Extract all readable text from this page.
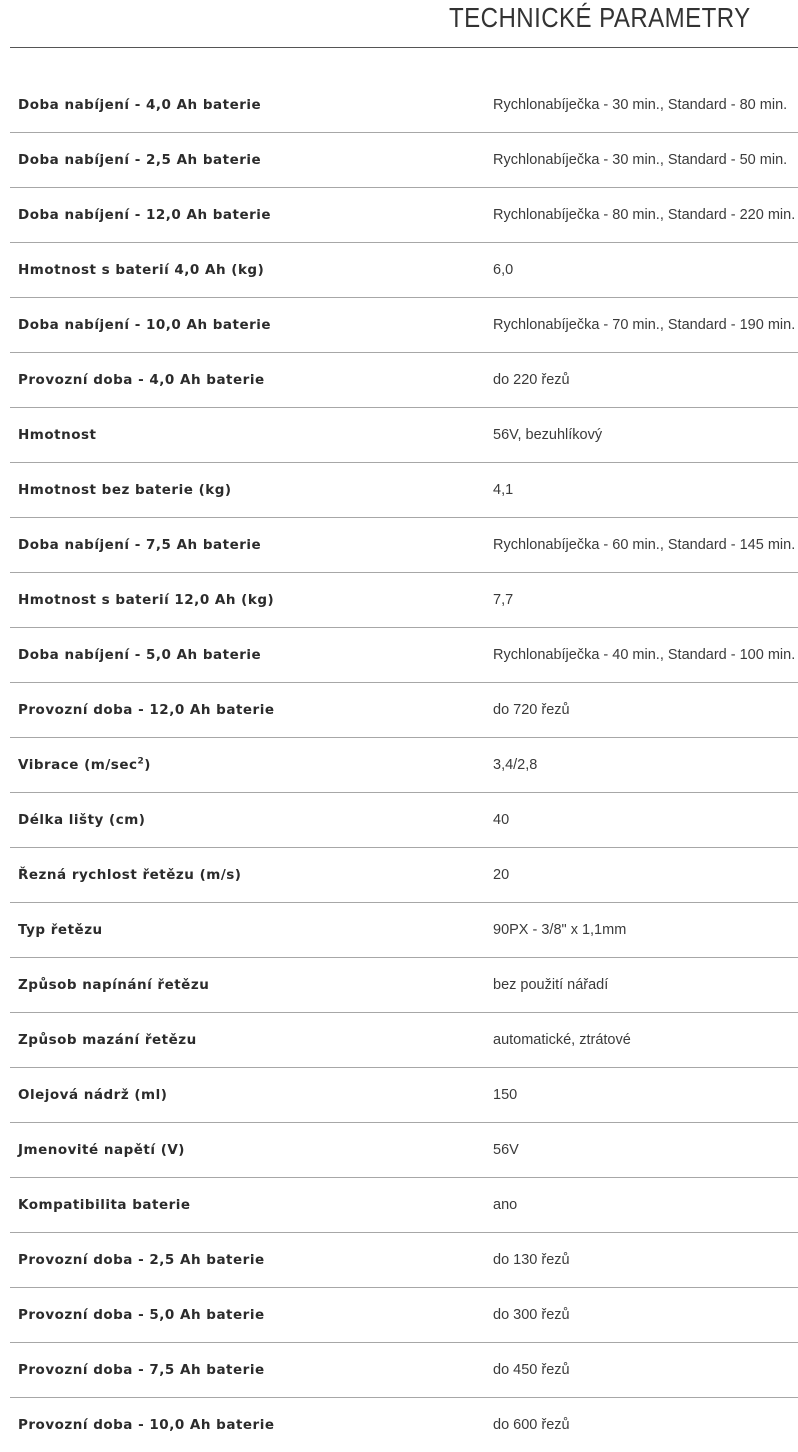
TECHNICKÉ PARAMETRY
Doba nabíjení - 4,0 Ah baterie	Rychlonabíječka - 30 min., Standard - 80 min.
Doba nabíjení - 2,5 Ah baterie	Rychlonabíječka - 30 min., Standard - 50 min.
Doba nabíjení - 12,0 Ah baterie	Rychlonabíječka - 80 min., Standard - 220 min.
Hmotnost s baterií 4,0 Ah (kg)	6,0
Doba nabíjení - 10,0 Ah baterie	Rychlonabíječka - 70 min., Standard - 190 min.
Provozní doba - 4,0 Ah baterie	do 220 řezů
Hmotnost	56V, bezuhlíkový
Hmotnost bez baterie (kg)	4,1
Doba nabíjení - 7,5 Ah baterie	Rychlonabíječka - 60 min., Standard - 145 min.
Hmotnost s baterií 12,0 Ah (kg)	7,7
Doba nabíjení - 5,0 Ah baterie	Rychlonabíječka - 40 min., Standard - 100 min.
Provozní doba - 12,0 Ah baterie	do 720 řezů
Vibrace $(m/\sec^2)$	3,4/2,8
Délka lišty (cm)	40
Řezná rychlost řetězu (m/s)	20
Typ řetězu	90PX - 3/8" x 1,1mm
Způsob napínání řetězu	bez použití nářadí
Způsob mazání řetězu	automatické, ztrátové
Olejová nádrž (ml)	150
Jmenovité napětí (V)	56V
Kompatibilita baterie	ano
Provozní doba - 2,5 Ah baterie	do 130 řezů
Provozní doba - 5,0 Ah baterie	do 300 řezů
Provozní doba - 7,5 Ah baterie	do 450 řezů
Provozní doba - 10,0 Ah baterie	do 600 řezů
